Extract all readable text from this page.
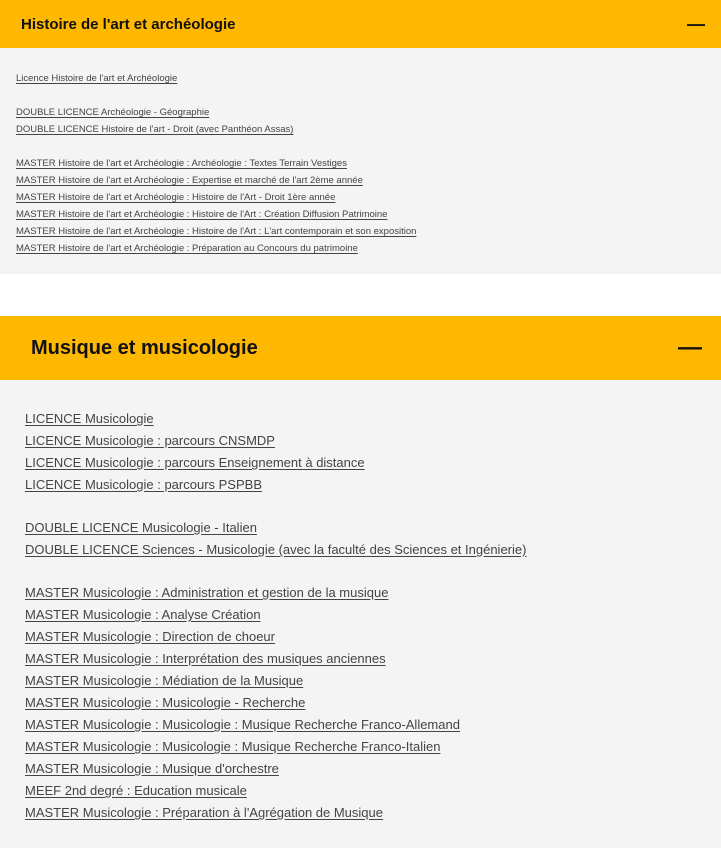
Histoire de l'art et archéologie	—
Licence Histoire de l'art et Archéologie
DOUBLE LICENCE Archéologie - Géographie
DOUBLE LICENCE Histoire de l'art - Droit (avec Panthéon Assas)
MASTER Histoire de l'art et Archéologie : Archéologie : Textes Terrain Vestiges
MASTER Histoire de l'art et Archéologie : Expertise et marché de l'art 2ème année
MASTER Histoire de l'art et Archéologie : Histoire de l'Art - Droit 1ère année
MASTER Histoire de l'art et Archéologie : Histoire de l'Art : Création Diffusion Patrimoine
MASTER Histoire de l'art et Archéologie : Histoire de l'Art : L'art contemporain et son exposition
MASTER Histoire de l'art et Archéologie : Préparation au Concours du patrimoine
Musique et musicologie	—
LICENCE Musicologie
LICENCE Musicologie : parcours CNSMDP
LICENCE Musicologie : parcours Enseignement à distance
LICENCE Musicologie : parcours PSPBB
DOUBLE LICENCE Musicologie - Italien
DOUBLE LICENCE Sciences - Musicologie (avec la faculté des Sciences et Ingénierie)
MASTER Musicologie : Administration et gestion de la musique
MASTER Musicologie : Analyse Création
MASTER Musicologie : Direction de choeur
MASTER Musicologie : Interprétation des musiques anciennes
MASTER Musicologie : Médiation de la Musique
MASTER Musicologie : Musicologie - Recherche
MASTER Musicologie : Musicologie : Musique Recherche Franco-Allemand
MASTER Musicologie : Musicologie : Musique Recherche Franco-Italien
MASTER Musicologie : Musique d'orchestre
MEEF 2nd degré : Education musicale
MASTER Musicologie : Préparation à l'Agrégation de Musique
